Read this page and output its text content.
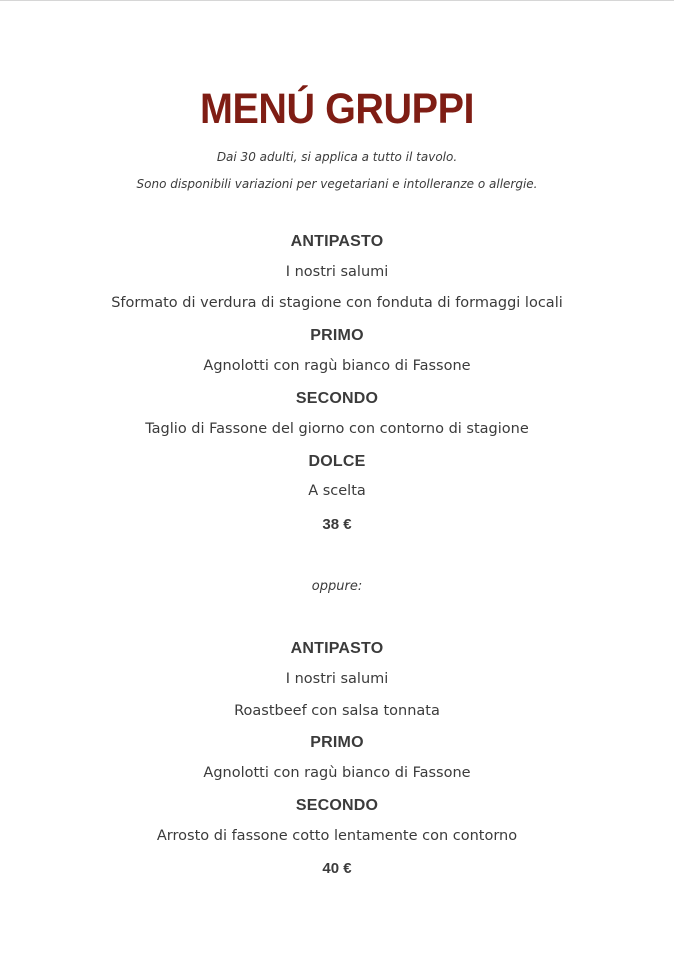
MENÚ GRUPPI
Dai 30 adulti, si applica a tutto il tavolo.
Sono disponibili variazioni per vegetariani e intolleranze o allergie.
ANTIPASTO
I nostri salumi
Sformato di verdura di stagione con fonduta di formaggi locali
PRIMO
Agnolotti con ragù bianco di Fassone
SECONDO
Taglio di Fassone del giorno con contorno di stagione
DOLCE
A scelta
38 €
oppure:
ANTIPASTO
I nostri salumi
Roastbeef con salsa tonnata
PRIMO
Agnolotti con ragù bianco di Fassone
SECONDO
Arrosto di fassone cotto lentamente con contorno
40 €
